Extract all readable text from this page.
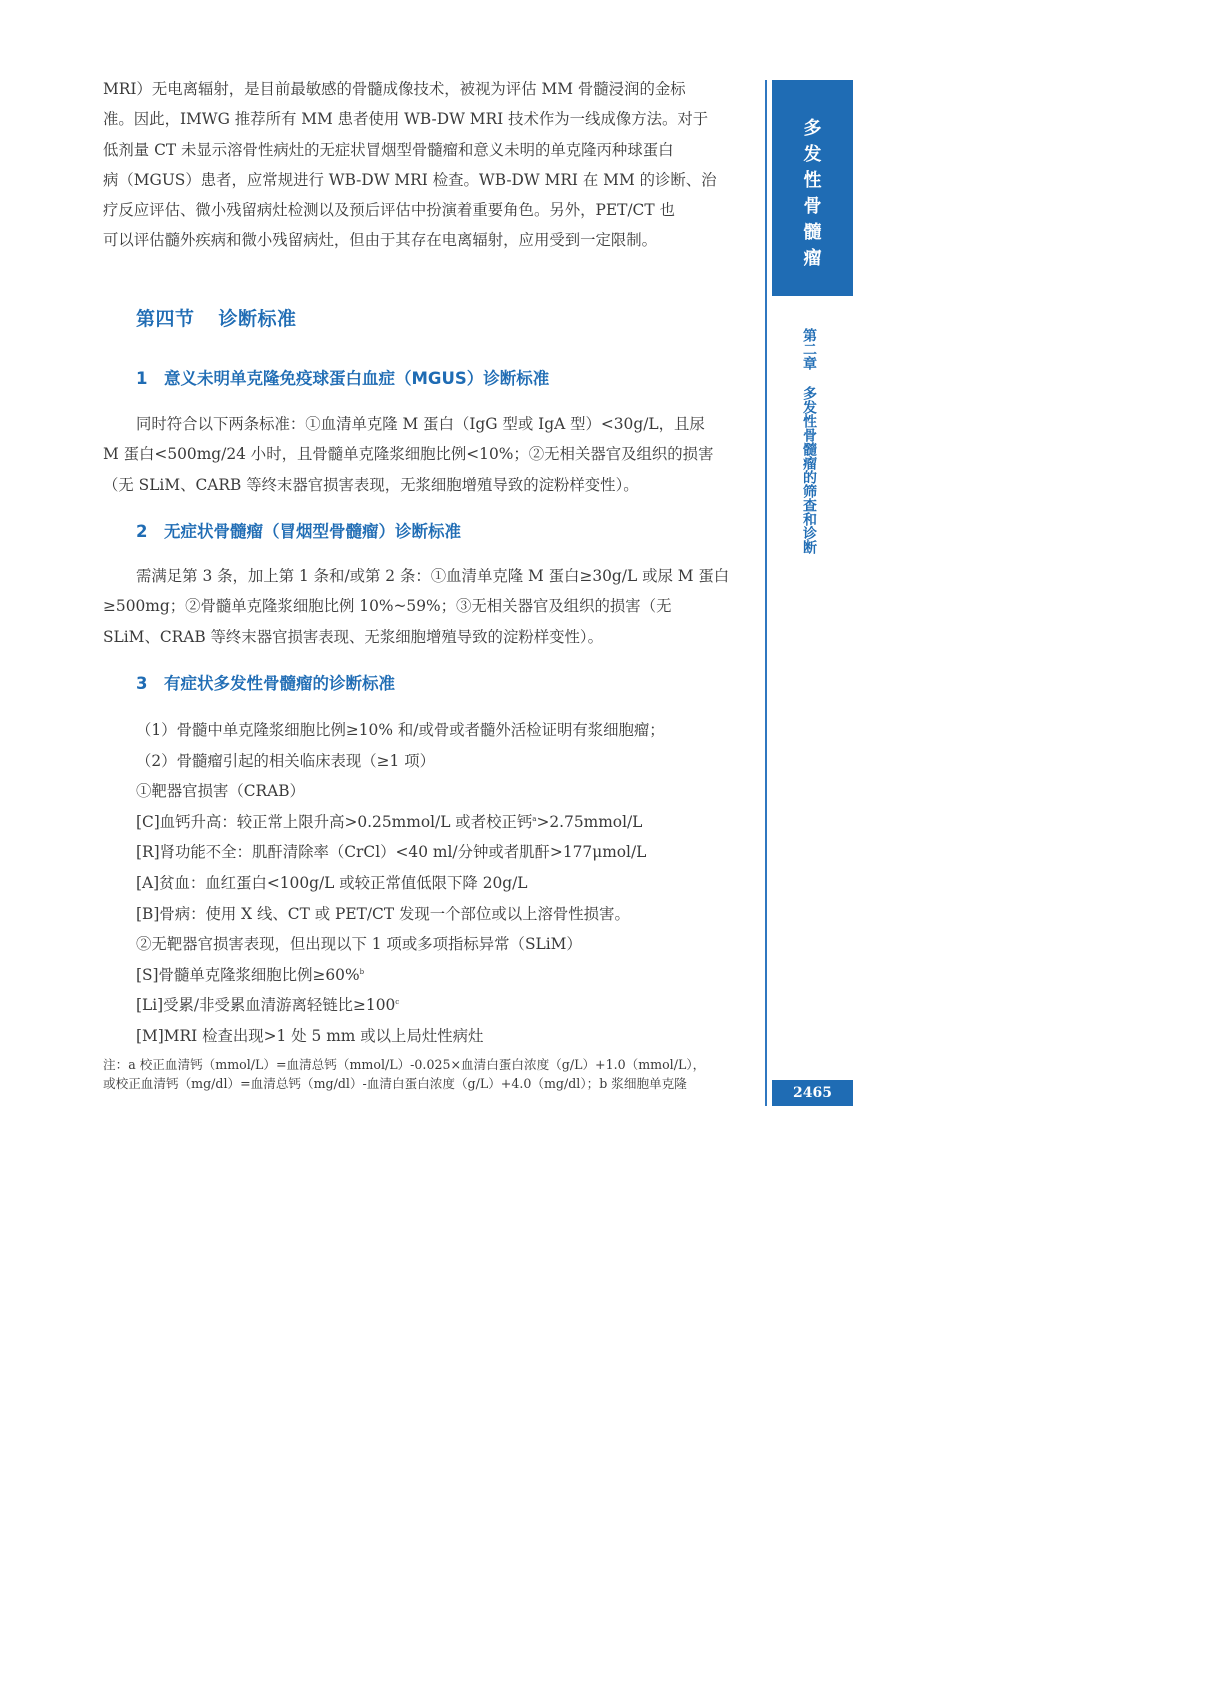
MRI）无电离辐射，是目前最敏感的骨髓成像技术，被视为评估 MM 骨髓浸润的金标
准。因此，IMWG 推荐所有 MM 患者使用 WB-DW MRI 技术作为一线成像方法。对于
低剂量 CT 未显示溶骨性病灶的无症状冒烟型骨髓瘤和意义未明的单克隆丙种球蛋白
病（MGUS）患者，应常规进行 WB-DW MRI 检查。WB-DW MRI 在 MM 的诊断、治
疗反应评估、微小残留病灶检测以及预后评估中扮演着重要角色。另外，PET/CT 也
可以评估髓外疾病和微小残留病灶，但由于其存在电离辐射，应用受到一定限制。

第四节 诊断标准
1 意义未明单克隆免疫球蛋白血症（MGUS）诊断标准
同时符合以下两条标准：①血清单克隆 M 蛋白（IgG 型或 IgA 型）<30g/L，且尿
M 蛋白<500mg/24 小时，且骨髓单克隆浆细胞比例<10%；②无相关器官及组织的损害
（无 SLiM、CARB 等终末器官损害表现，无浆细胞增殖导致的淀粉样变性）。
2 无症状骨髓瘤（冒烟型骨髓瘤）诊断标准
需满足第 3 条，加上第 1 条和/或第 2 条：①血清单克隆 M 蛋白≥30g/L 或尿 M 蛋白
≥500mg；②骨髓单克隆浆细胞比例 10%~59%；③无相关器官及组织的损害（无
SLiM、CRAB 等终末器官损害表现、无浆细胞增殖导致的淀粉样变性）。
3 有症状多发性骨髓瘤的诊断标准
（1）骨髓中单克隆浆细胞比例≥10% 和/或骨或者髓外活检证明有浆细胞瘤；
（2）骨髓瘤引起的相关临床表现（≥1 项）
①靶器官损害（CRAB）
[C]血钙升高：较正常上限升高>0.25mmol/L 或者校正钙$^a$>2.75mmol/L
[R]肾功能不全：肌酐清除率（CrCl）<40 ml/分钟或者肌酐>177μmol/L
[A]贫血：血红蛋白<100g/L 或较正常值低限下降 20g/L
[B]骨病：使用 X 线、CT 或 PET/CT 发现一个部位或以上溶骨性损害。
②无靶器官损害表现，但出现以下 1 项或多项指标异常（SLiM）
[S]骨髓单克隆浆细胞比例≥60%$^b$
[Li]受累/非受累血清游离轻链比$\ge 100^c$
[M]MRI 检查出现>1 处 5 mm 或以上局灶性病灶
注：a 校正血清钙（mmol/L）=血清总钙（mmol/L）-0.025×血清白蛋白浓度（g/L）+1.0（mmol/L），
或校正血清钙（mg/dl）=血清总钙（mg/dl）-血清白蛋白浓度（g/L）+4.0（mg/dl）；b 浆细胞单克隆
多
发
性
骨
髓
瘤
第二章多发性骨髓瘤的筛查和诊断
2465
